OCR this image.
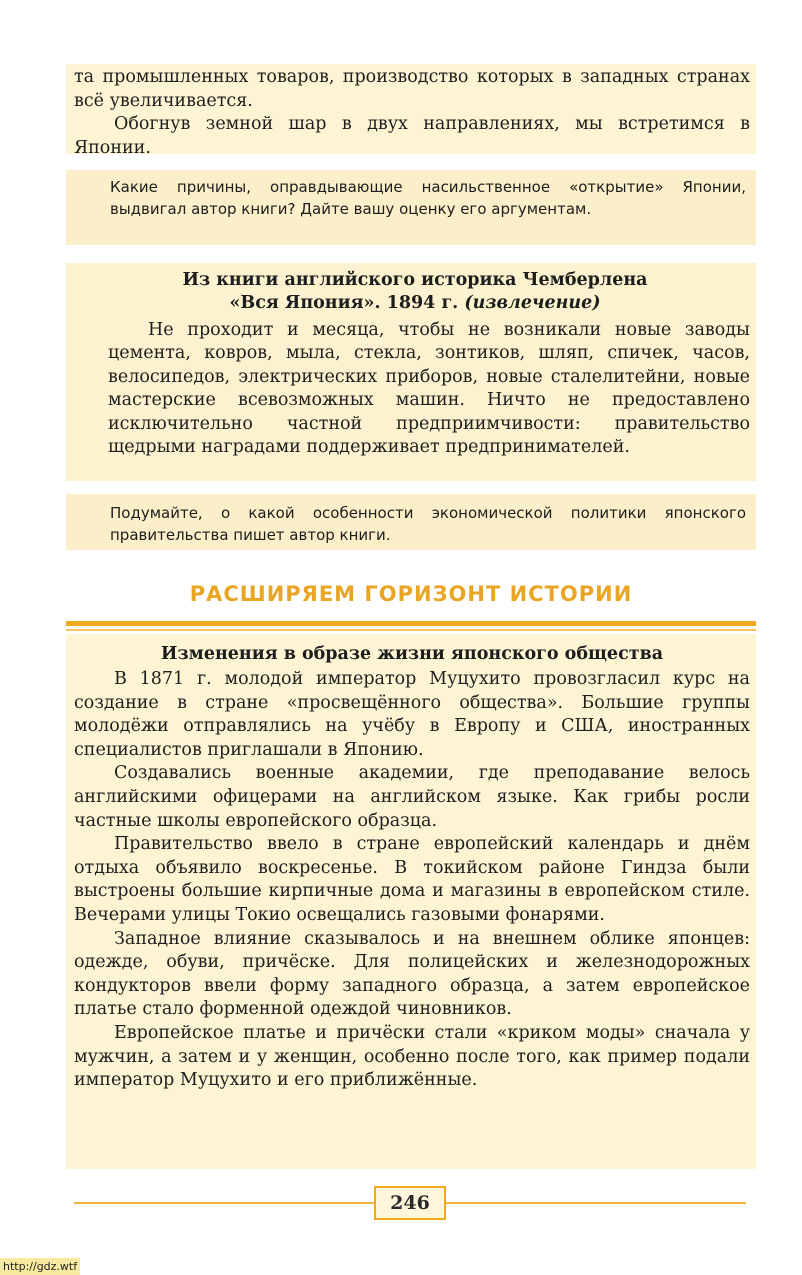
та промышленных товаров, производство которых в западных странах всё увеличивается.

Обогнув земной шар в двух направлениях, мы встретимся в Японии.

Какие причины, оправдывающие насильственное «открытие» Японии, выдвигал автор книги? Дайте вашу оценку его аргументам.

Из книги английского историка Чемберлена
«Вся Япония». 1894 г. (извлечение)

Не проходит и месяца, чтобы не возникали новые заводы цемента, ковров, мыла, стекла, зонтиков, шляп, спичек, часов, велосипедов, электрических приборов, новые сталелитейни, новые мастерские всевозможных машин. Ничто не предоставлено исключительно частной предприимчивости: правительство щедрыми наградами поддерживает предпринимателей.

Подумайте, о какой особенности экономической политики японского правительства пишет автор книги.

РАСШИРЯЕМ ГОРИЗОНТ ИСТОРИИ

Изменения в образе жизни японского общества

В 1871 г. молодой император Муцухито провозгласил курс на создание в стране «просвещённого общества». Большие группы молодёжи отправлялись на учёбу в Европу и США, иностранных специалистов приглашали в Японию.

Создавались военные академии, где преподавание велось английскими офицерами на английском языке. Как грибы росли частные школы европейского образца.

Правительство ввело в стране европейский календарь и днём отдыха объявило воскресенье. В токийском районе Гиндза были выстроены большие кирпичные дома и магазины в европейском стиле. Вечерами улицы Токио освещались газовыми фонарями.

Западное влияние сказывалось и на внешнем облике японцев: одежде, обуви, причёске. Для полицейских и железнодорожных кондукторов ввели форму западного образца, а затем европейское платье стало форменной одеждой чиновников.

Европейское платье и причёски стали «криком моды» сначала у мужчин, а затем и у женщин, особенно после того, как пример подали император Муцухито и его приближённые.

246
http://gdz.wtf
